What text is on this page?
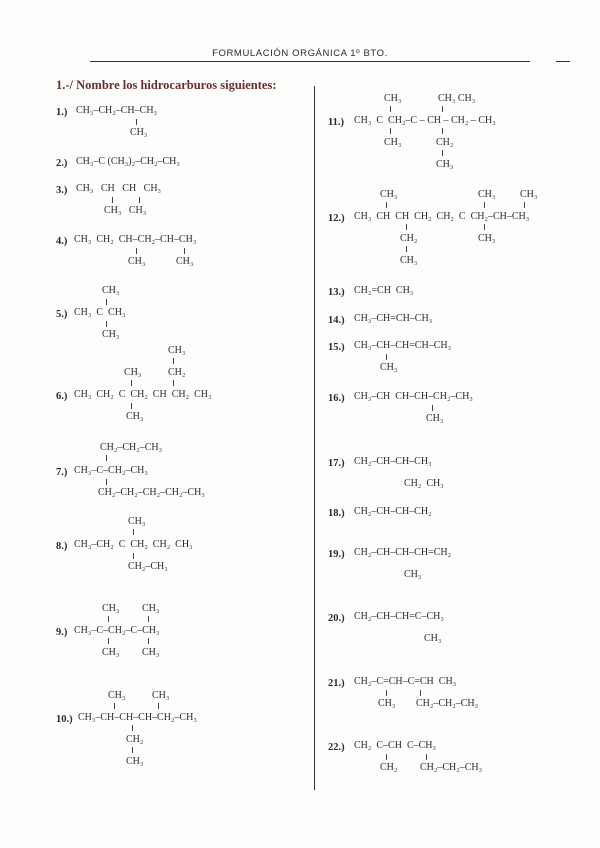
FORMULACIÓN ORGÁNICA 1º BTO.
1.-/ Nombre los hidrocarburos siguientes:
1.) CH₃–CH₂–CH–CH₃
CH₃
2.) CH₃–C (CH₃)₂–CH₂–CH₃
3.) CH₃   CH   CH   CH₃
CH₃   CH₃
4.) CH₃  CH₂  CH–CH₂–CH–CH₃
CH₃	CH₃
CH₃
5.) CH₃  C  CH₃
CH₃
CH₃
CH₃	CH₂
6.) CH₃  CH₂  C  CH₂  CH  CH₂  CH₃
CH₃
CH₂–CH₂–CH₃
7.) CH₃–C–CH₂–CH₃
CH₂–CH₂–CH₂–CH₂–CH₃
CH₃
8.) CH₃–CH₂  C  CH₂  CH₂  CH₃
CH₂–CH₃
CH₃ CH₃
9.) CH₃–C–CH₂–C–CH₃
CH₃ CH₃
CH₃	CH₃
10.) CH₃–CH–CH–CH–CH₂–CH₃
CH₂
CH₃
CH₃	CH₃ CH₃
11.) CH₃  C  CH₂–C – CH – CH₂ – CH₃
CH₃	CH₂
CH₃
CH₃	CH₃ CH₃
12.) CH₃  CH  CH  CH₂  CH₂  C  CH₂–CH–CH₃
CH₂	CH₃
CH₃
13.) CH₂=CH  CH₃
14.) CH₃–CH=CH–CH₃
15.) CH₃–CH–CH=CH–CH₃
CH₃
16.) CH₃–CH  CH–CH–CH₂–CH₃
CH₃
17.) CH₂–CH–CH–CH₃
CH₂  CH₃
18.) CH₂–CH–CH–CH₂
19.) CH₂–CH–CH–CH=CH₂
CH₃
20.) CH₂–CH–CH=C–CH₃
CH₃
21.) CH₂–C=CH–C=CH  CH₃
CH₃ CH₂–CH₂–CH₃
22.) CH₂  C–CH  C–CH₃
CH₂ CH₂–CH₂–CH₃
